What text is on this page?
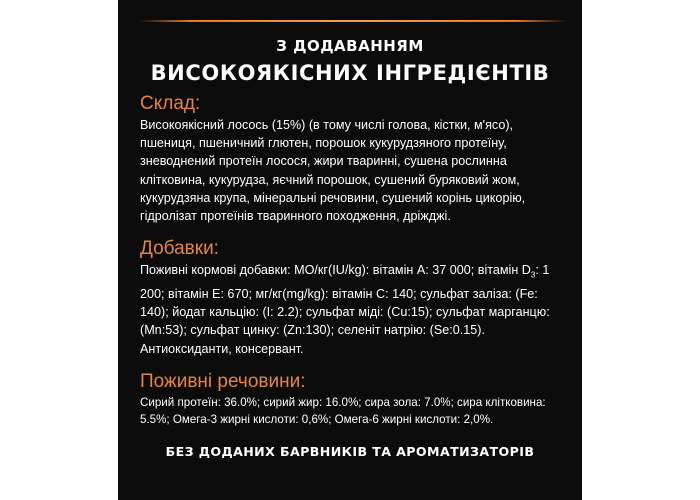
З ДОДАВАННЯМ
ВИСОКОЯКІСНИХ ІНГРЕДІЄНТІВ
Склад:

Високоякісний лосось (15%) (в тому числі голова, кістки, м'ясо), пшениця, пшеничний глютен, порошок кукурудзяного протеїну, зневоднений протеїн лосося, жири тваринні, сушена рослинна клітковина, кукурудза, яєчний порошок, сушений буряковий жом, кукурудзяна крупа, мінеральні речовини, сушений корінь цикорію, гідролізат протеїнів тваринного походження, дріжджі.

Добавки:

Поживні кормові добавки: МО/кг(IU/kg): вітамін А: 37 000; вітамін $D_3$: 1 200; вітамін Е: 670; мг/кг(mg/kg): вітамін С: 140; сульфат заліза: (Fe: 140); йодат кальцію: (I: 2.2); сульфат міді: (Cu:15); сульфат марганцю: (Mn:53); сульфат цинку: (Zn:130); селеніт натрію: (Se:0.15). Антиоксиданти, консервант.

Поживні речовини:

Сирий протеїн: 36.0%; сирий жир: 16.0%; сира зола: 7.0%; сира клітковина: 5.5%; Омега-3 жирні кислоти: 0,6%; Омега-6 жирні кислоти: 2,0%.

БЕЗ ДОДАНИХ БАРВНИКІВ ТА АРОМАТИЗАТОРІВ
